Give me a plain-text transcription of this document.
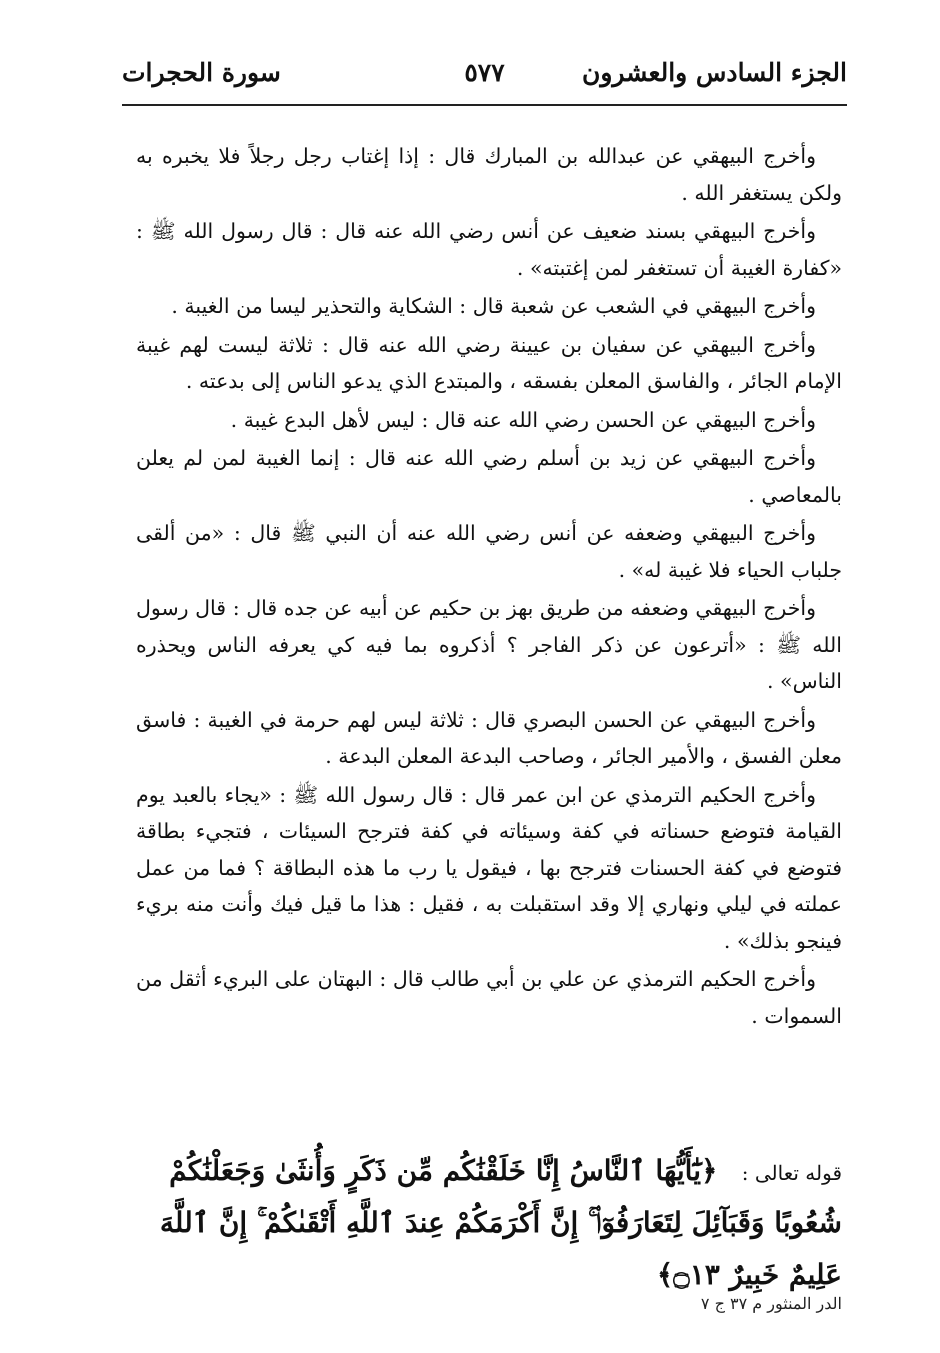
الجزء السادس والعشرون
٥٧٧
سورة الحجرات

وأخرج البيهقي عن عبدالله بن المبارك قال : إذا إغتاب رجل رجلاً فلا يخبره به ولكن يستغفر الله .

وأخرج البيهقي بسند ضعيف عن أنس رضي الله عنه قال : قال رسول الله ﷺ : «كفارة الغيبة أن تستغفر لمن إغتبته» .

وأخرج البيهقي في الشعب عن شعبة قال : الشكاية والتحذير ليسا من الغيبة .

وأخرج البيهقي عن سفيان بن عيينة رضي الله عنه قال : ثلاثة ليست لهم غيبة الإمام الجائر ، والفاسق المعلن بفسقه ، والمبتدع الذي يدعو الناس إلى بدعته .

وأخرج البيهقي عن الحسن رضي الله عنه قال : ليس لأهل البدع غيبة .

وأخرج البيهقي عن زيد بن أسلم رضي الله عنه قال : إنما الغيبة لمن لم يعلن بالمعاصي .

وأخرج البيهقي وضعفه عن أنس رضي الله عنه أن النبي ﷺ قال : «من ألقى جلباب الحياء فلا غيبة له» .

وأخرج البيهقي وضعفه من طريق بهز بن حكيم عن أبيه عن جده قال : قال رسول الله ﷺ : «أترعون عن ذكر الفاجر ؟ أذكروه بما فيه كي يعرفه الناس ويحذره الناس» .

وأخرج البيهقي عن الحسن البصري قال : ثلاثة ليس لهم حرمة في الغيبة : فاسق معلن الفسق ، والأمير الجائر ، وصاحب البدعة المعلن البدعة .

وأخرج الحكيم الترمذي عن ابن عمر قال : قال رسول الله ﷺ : «يجاء بالعبد يوم القيامة فتوضع حسناته في كفة وسيئاته في كفة فترجح السيئات ، فتجيء بطاقة فتوضع في كفة الحسنات فترجح بها ، فيقول يا رب ما هذه البطاقة ؟ فما من عمل عملته في ليلي ونهاري إلا وقد استقبلت به ، فقيل : هذا ما قيل فيك وأنت منه بريء فينجو بذلك» .

وأخرج الحكيم الترمذي عن علي بن أبي طالب قال : البهتان على البريء أثقل من السموات .

قوله تعالى : ﴿يَٰٓأَيُّهَا ٱلنَّاسُ إِنَّا خَلَقْنَٰكُم مِّن ذَكَرٍ وَأُنثَىٰ وَجَعَلْنَٰكُمْ شُعُوبًا وَقَبَآئِلَ لِتَعَارَفُوٓا۟ ۚ إِنَّ أَكْرَمَكُمْ عِندَ ٱللَّهِ أَتْقَىٰكُمْ ۚ إِنَّ ٱللَّهَ عَلِيمٌ خَبِيرٌ ۝١٣﴾
الدر المنثور م ٣٧ ج ٧
